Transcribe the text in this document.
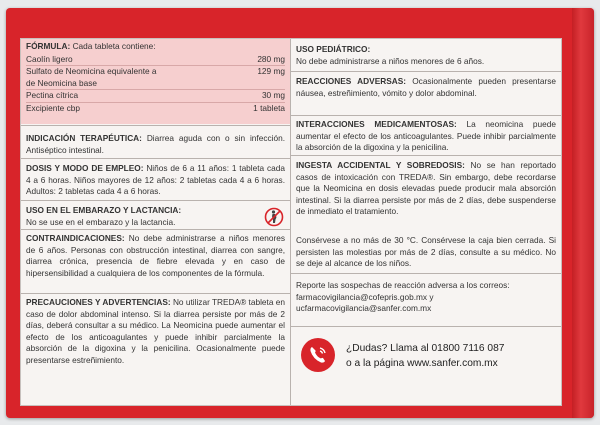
FÓRMULA: Cada tableta contiene:
Caolín ligero	280 mg
Sulfato de Neomicina equivalente a	129 mg
de Neomicina base
Pectina cítrica	30 mg
Excipiente cbp	1 tableta
INDICACIÓN TERAPÉUTICA: Diarrea aguda con o sin infección. Antiséptico intestinal.
DOSIS Y MODO DE EMPLEO: Niños de 6 a 11 años: 1 tableta cada 4 a 6 horas. Niños mayores de 12 años: 2 tabletas cada 4 a 6 horas. Adultos: 2 tabletas cada 4 a 6 horas.
USO EN EL EMBARAZO Y LACTANCIA:
No se use en el embarazo y la lactancia.
CONTRAINDICACIONES: No debe administrarse a niños menores de 6 años. Personas con obstrucción intestinal, diarrea con sangre, diarrea crónica, presencia de fiebre elevada y en caso de hipersensibilidad a cualquiera de los componentes de la fórmula.
PRECAUCIONES Y ADVERTENCIAS: No utilizar TREDA® tableta en caso de dolor abdominal intenso. Si la diarrea persiste por más de 2 días, deberá consultar a su médico. La Neomicina puede aumentar el efecto de los anticoagulantes y puede inhibir parcialmente la absorción de la digoxina y la penicilina. Ocasionalmente puede presentarse estreñimiento.
USO PEDIÁTRICO:
No debe administrarse a niños menores de 6 años.
REACCIONES ADVERSAS: Ocasionalmente pueden presentarse náusea, estreñimiento, vómito y dolor abdominal.
INTERACCIONES MEDICAMENTOSAS: La neomicina puede aumentar el efecto de los anticoagulantes. Puede inhibir parcialmente la absorción de la digoxina y la penicilina.
INGESTA ACCIDENTAL Y SOBREDOSIS: No se han reportado casos de intoxicación con TREDA®. Sin embargo, debe recordarse que la Neomicina en dosis elevadas puede producir mala absorción intestinal. Si la diarrea persiste por más de 2 días, debe suspenderse de inmediato el tratamiento.
Consérvese a no más de 30 °C. Consérvese la caja bien cerrada. Si persisten las molestias por más de 2 días, consulte a su médico. No se deje al alcance de los niños.
Reporte las sospechas de reacción adversa a los correos:
farmacovigilancia@cofepris.gob.mx y
ucfarmacovigilancia@sanfer.com.mx
¿Dudas? Llama al 01800 7116 087
o a la página www.sanfer.com.mx
